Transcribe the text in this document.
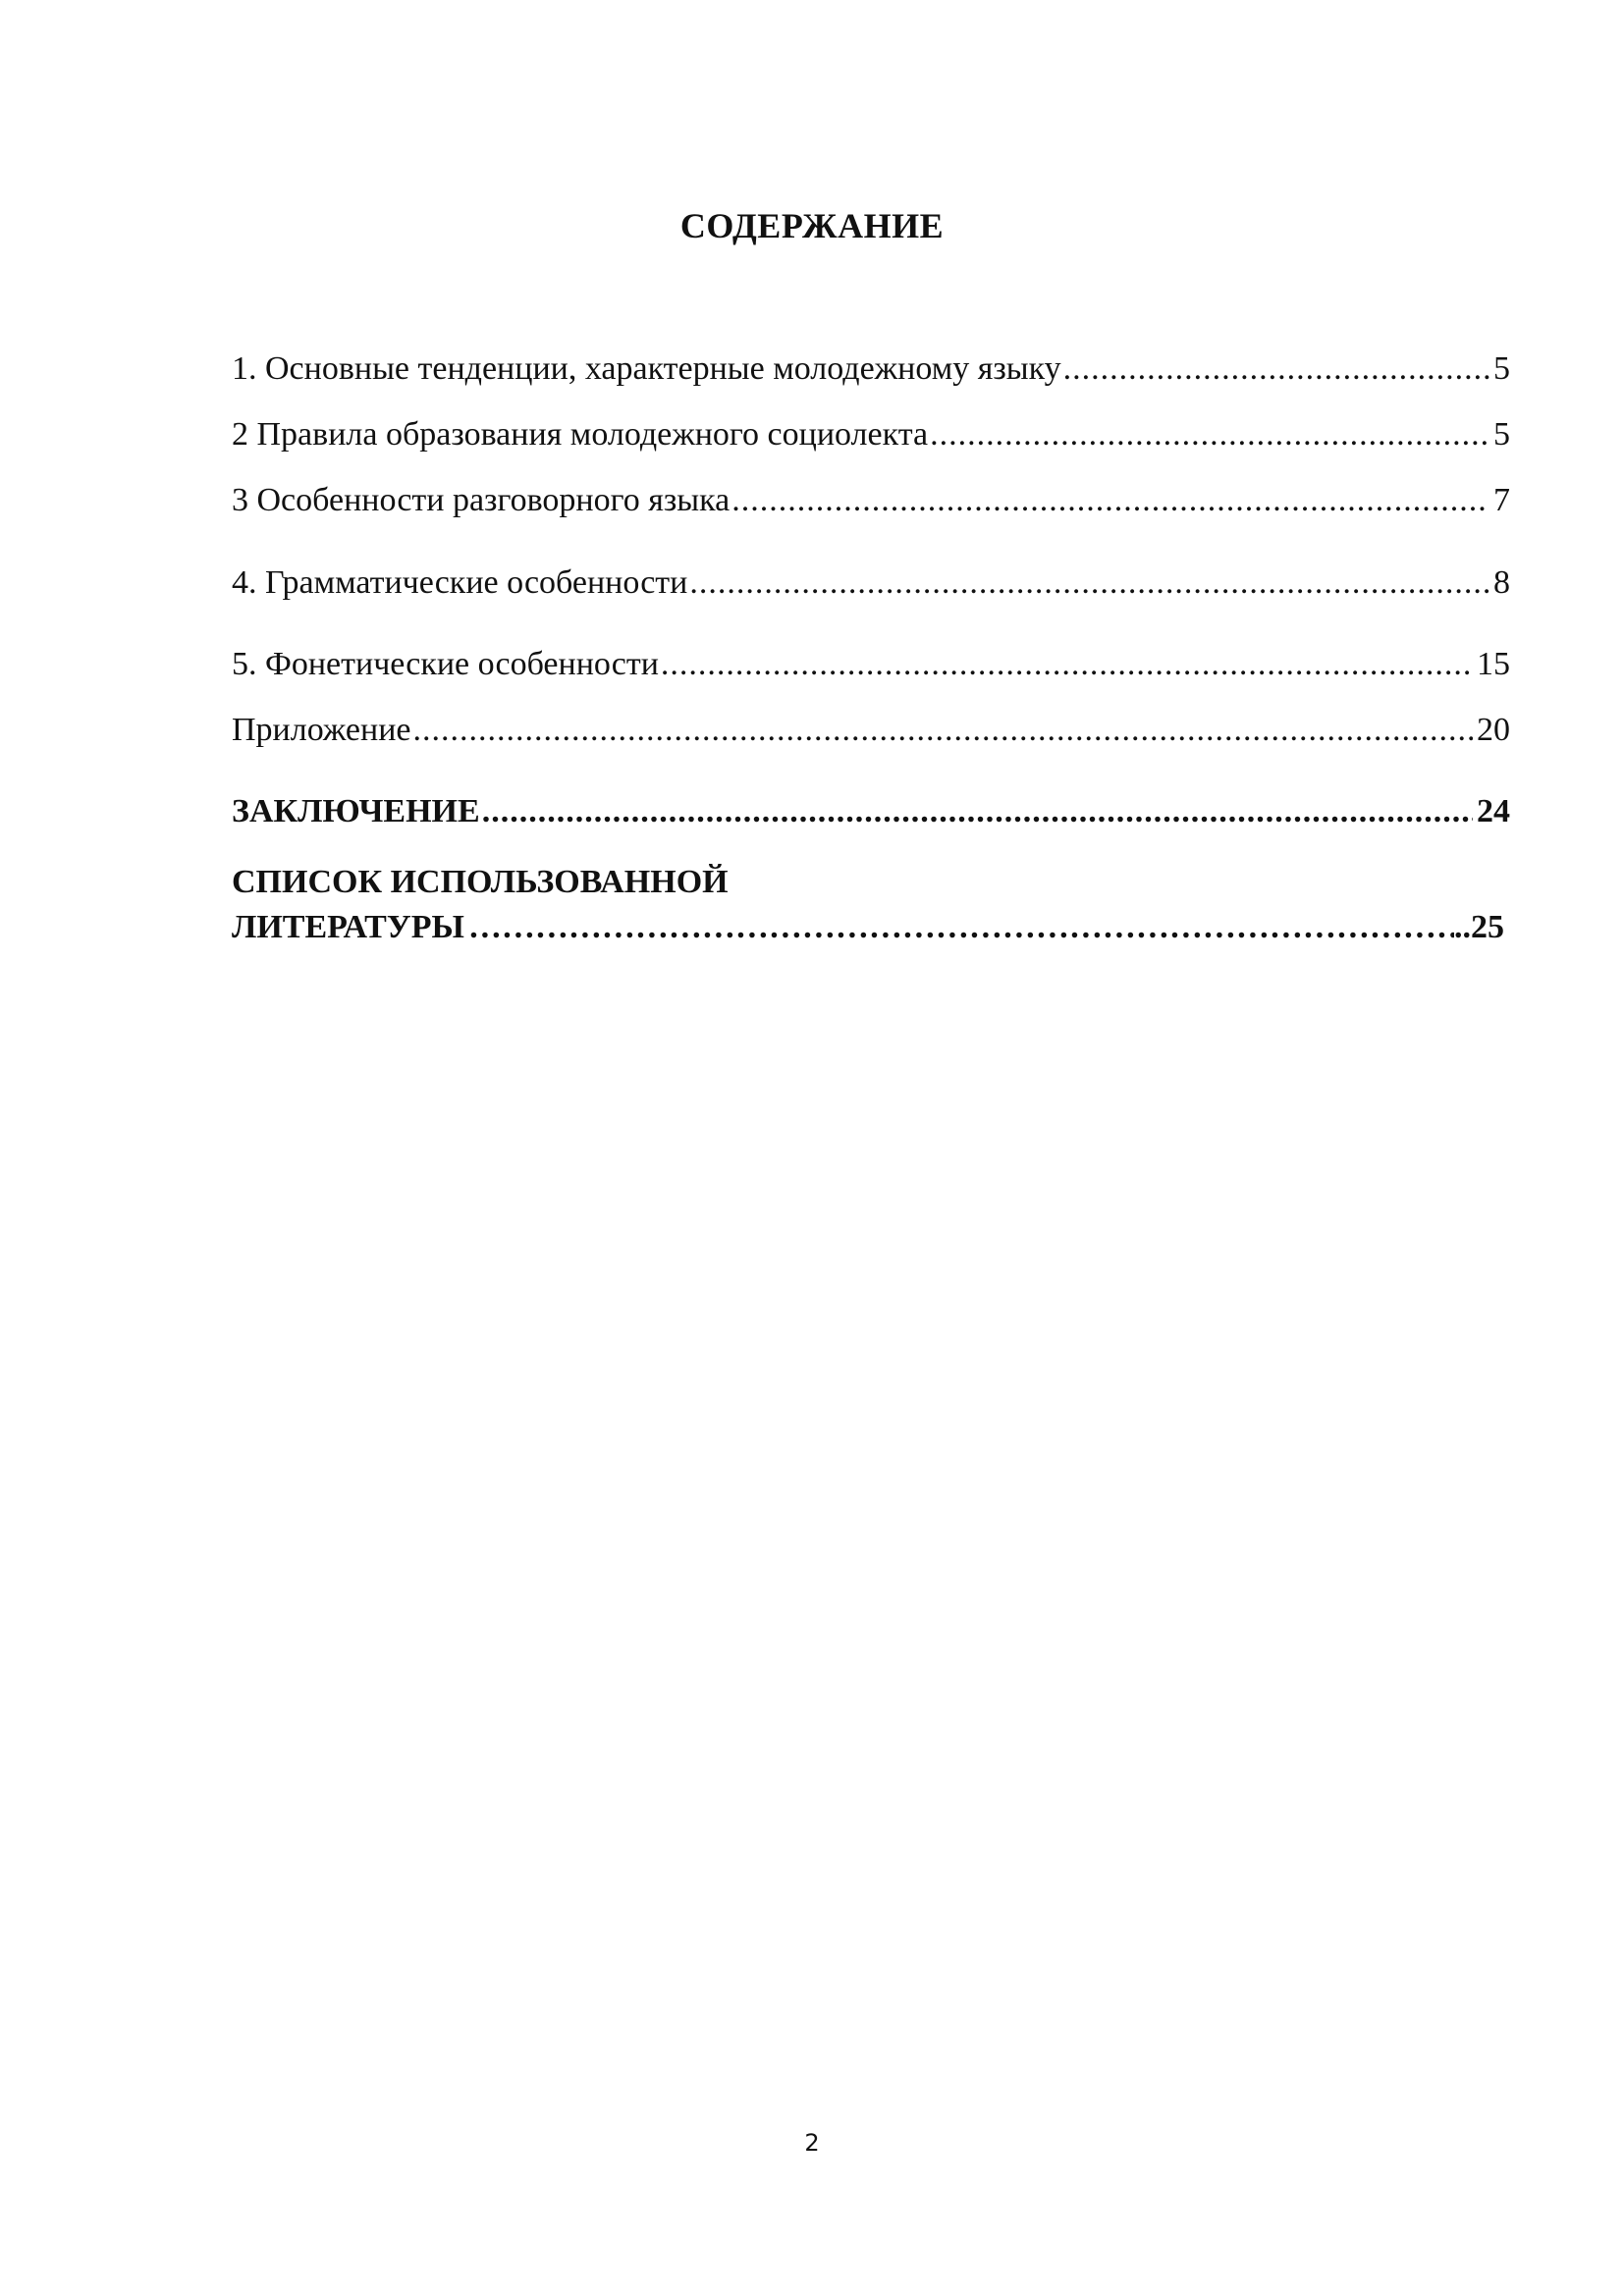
СОДЕРЖАНИЕ
1. Основные тенденции, характерные молодежному языку .....	5
2 Правила образования молодежного социолекта .....	5
3 Особенности разговорного языка .....	7
4. Грамматические особенности .....	8
5. Фонетические особенности .....	15
Приложение .....	20
ЗАКЛЮЧЕНИЕ .....	24
СПИСОК ИСПОЛЬЗОВАННОЙ
ЛИТЕРАТУРЫ ……………………………………………………………………………………………………………………………………………………	..25
2
